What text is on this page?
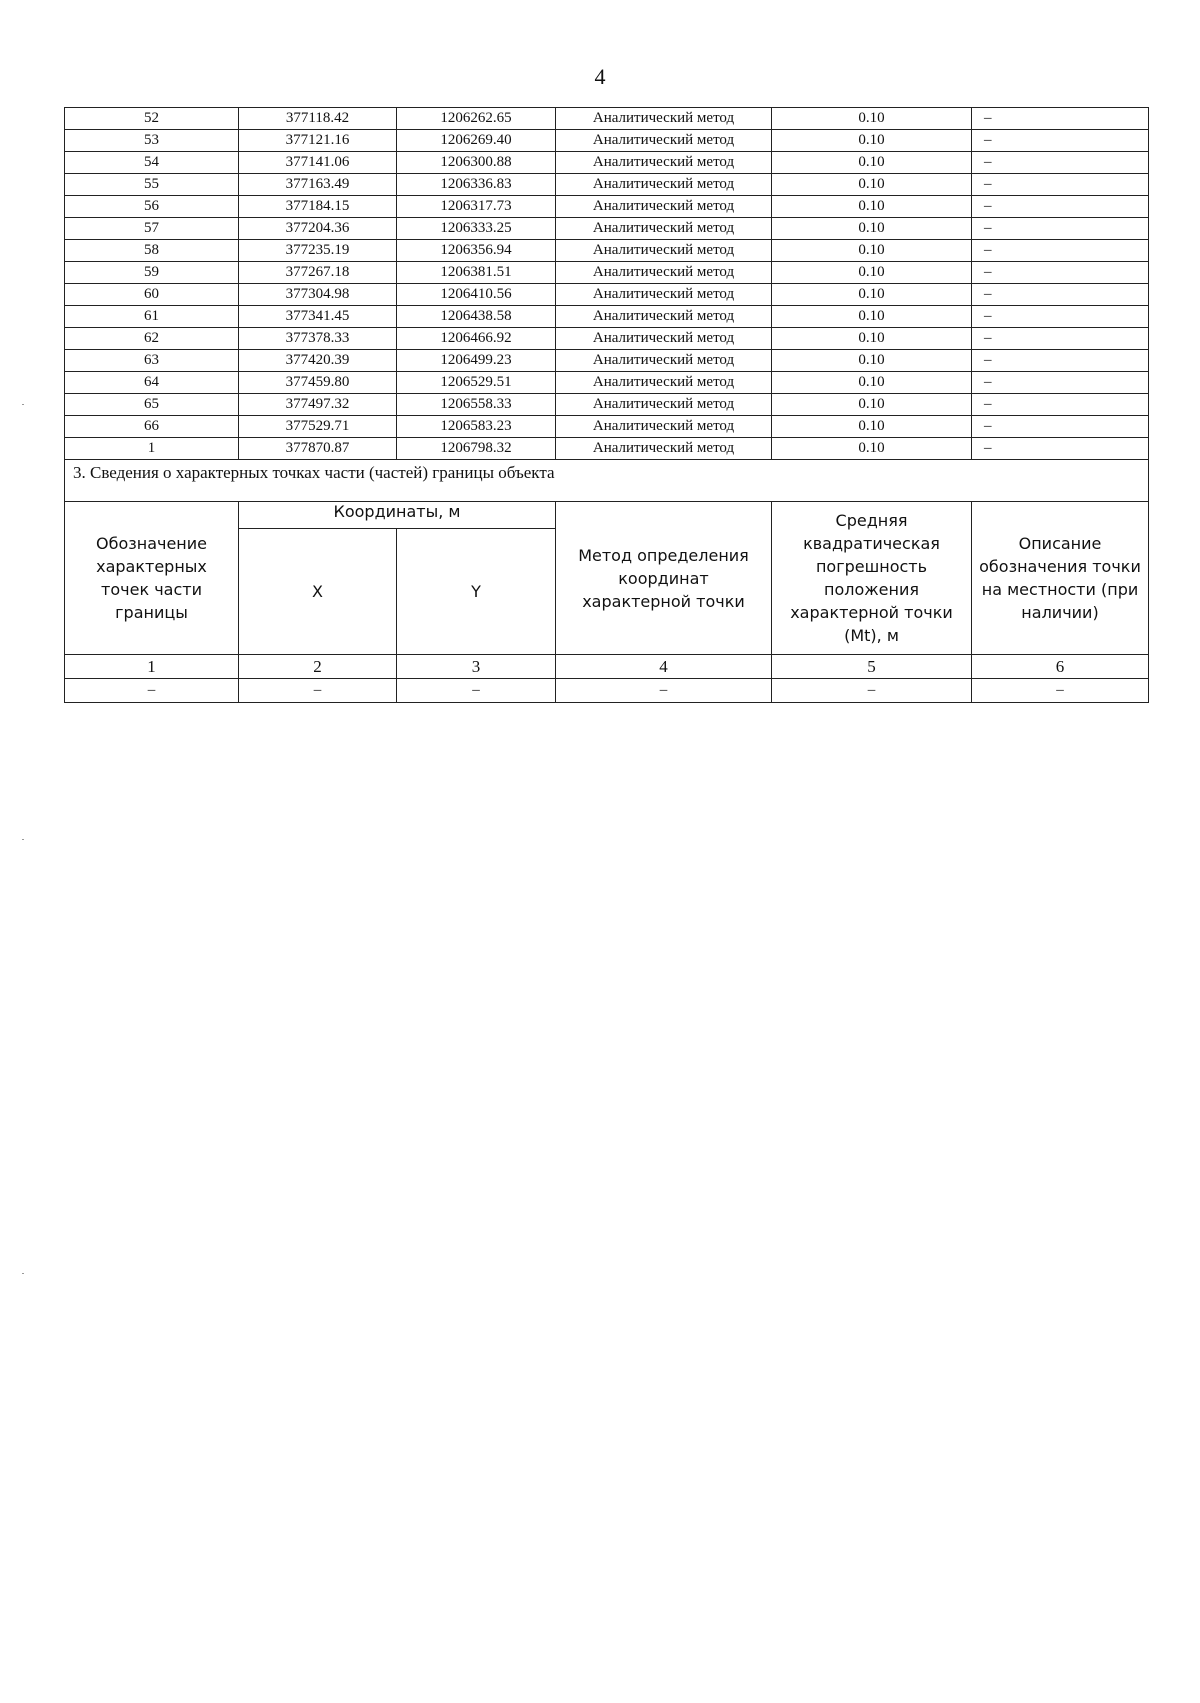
4
52	377118.42	1206262.65	Аналитический метод	0.10	–
53	377121.16	1206269.40	Аналитический метод	0.10	–
54	377141.06	1206300.88	Аналитический метод	0.10	–
55	377163.49	1206336.83	Аналитический метод	0.10	–
56	377184.15	1206317.73	Аналитический метод	0.10	–
57	377204.36	1206333.25	Аналитический метод	0.10	–
58	377235.19	1206356.94	Аналитический метод	0.10	–
59	377267.18	1206381.51	Аналитический метод	0.10	–
60	377304.98	1206410.56	Аналитический метод	0.10	–
61	377341.45	1206438.58	Аналитический метод	0.10	–
62	377378.33	1206466.92	Аналитический метод	0.10	–
63	377420.39	1206499.23	Аналитический метод	0.10	–
64	377459.80	1206529.51	Аналитический метод	0.10	–
65	377497.32	1206558.33	Аналитический метод	0.10	–
66	377529.71	1206583.23	Аналитический метод	0.10	–
1	377870.87	1206798.32	Аналитический метод	0.10	–
3. Сведения о характерных точках части (частей) границы объекта					
Обозначение характерных точек части границы	Координаты, м		Метод определения координат характерной точки	Средняя квадратическая погрешность положения характерной точки (Mt), м	Описание обозначения точки на местности (при наличии)
	X	Y			
1	2	3	4	5	6
–	–	–	–	–	–
